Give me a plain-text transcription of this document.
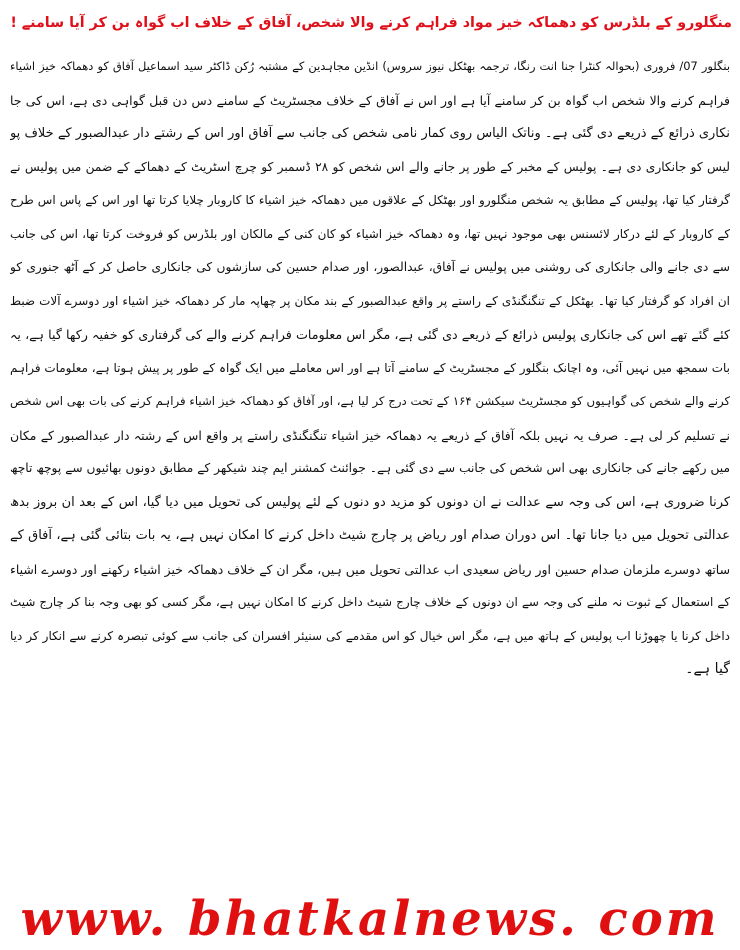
منگلورو کے بلڈرس کو دھماکہ خیز مواد فراہم کرنے والا شخص، آفاق کے خلاف اب گواہ بن کر آیا سامنے !
بنگلور 07/ فروری (بحوالہ کنٹرا جنا انت رنگا، ترجمہ بھٹکل نیوز سروس) انڈین مجاہدین کے مشتبہ رُکن ڈاکٹر سید اسماعیل آفاق کو دھماکہ خیز اشیاء
فراہم کرنے والا شخص اب گواہ بن کر سامنے آیا ہے اور اس نے آفاق کے خلاف مجسٹریٹ کے سامنے دس دن قبل گواہی دی ہے، اس کی جا
نکاری ذرائع کے ذریعے دی گئی ہے۔ وناتک الیاس روی کمار نامی شخص کی جانب سے آفاق اور اس کے رشتے دار عبدالصبور کے خلاف پو
لیس کو جانکاری دی ہے۔ پولیس کے مخبر کے طور پر جانے والے اس شخص کو ۲۸ ڈسمبر کو چرچ اسٹریٹ کے دھماکے کے ضمن میں پولیس نے
گرفتار کیا تھا، پولیس کے مطابق یہ شخص منگلورو اور بھٹکل کے علاقوں میں دھماکہ خیز اشیاء کا کاروبار چلایا کرتا تھا اور اس کے پاس اس طرح
کے کاروبار کے لئے درکار لائسنس بھی موجود نہیں تھا، وہ دھماکہ خیز اشیاء کو کان کنی کے مالکان اور بلڈرس کو فروخت کرتا تھا، اس کی جانب
سے دی جانے والی جانکاری کی روشنی میں پولیس نے آفاق، عبدالصور، اور صدام حسین کی سازشوں کی جانکاری حاصل کر کے آٹھ جنوری کو
ان افراد کو گرفتار کیا تھا۔ بھٹکل کے تنگنگنڈی کے راستے پر واقع عبدالصبور کے بند مکان پر چھاپہ مار کر دھماکہ خیز اشیاء اور دوسرے آلات ضبط
کئے گئے تھے اس کی جانکاری پولیس ذرائع کے ذریعے دی گئی ہے، مگر اس معلومات فراہم کرنے والے کی گرفتاری کو خفیہ رکھا گیا ہے، یہ
بات سمجھ میں نہیں آئی، وہ اچانک بنگلور کے مجسٹریٹ کے سامنے آتا ہے اور اس معاملے میں ایک گواہ کے طور پر پیش ہوتا ہے، معلومات فراہم
کرنے والے شخص کی گواہیوں کو مجسٹریٹ سیکشن ۱۶۴ کے تحت درج کر لیا ہے، اور آفاق کو دھماکہ خیز اشیاء فراہم کرنے کی بات بھی اس شخص
نے تسلیم کر لی ہے۔ صرف یہ نہیں بلکہ آفاق کے ذریعے یہ دھماکہ خیز اشیاء تنگنگنڈی راستے پر واقع اس کے رشتہ دار عبدالصبور کے مکان
میں رکھے جانے کی جانکاری بھی اس شخص کی جانب سے دی گئی ہے۔ جوائنٹ کمشنر ایم چند شیکھر کے مطابق دونوں بھائیوں سے پوچھ تاچھ
کرنا ضروری ہے، اس کی وجہ سے عدالت نے ان دونوں کو مزید دو دنوں کے لئے پولیس کی تحویل میں دیا گیا، اس کے بعد ان بروز بدھ
عدالتی تحویل میں دیا جانا تھا۔ اس دوران صدام اور ریاض پر چارج شیٹ داخل کرنے کا امکان نہیں ہے، یہ بات بتائی گئی ہے، آفاق کے
ساتھ دوسرے ملزمان صدام حسین اور ریاض سعیدی اب عدالتی تحویل میں ہیں، مگر ان کے خلاف دھماکہ خیز اشیاء رکھنے اور دوسرے اشیاء
کے استعمال کے ثبوت نہ ملنے کی وجہ سے ان دونوں کے خلاف چارج شیٹ داخل کرنے کا امکان نہیں ہے، مگر کسی کو بھی وجہ بنا کر چارج شیٹ
داخل کرنا یا چھوڑنا اب پولیس کے ہاتھ میں ہے، مگر اس خیال کو اس مقدمے کی سنیئر افسران کی جانب سے کوئی تبصرہ کرنے سے انکار کر دیا
گیا ہے۔
www. bhatkalnews. com
